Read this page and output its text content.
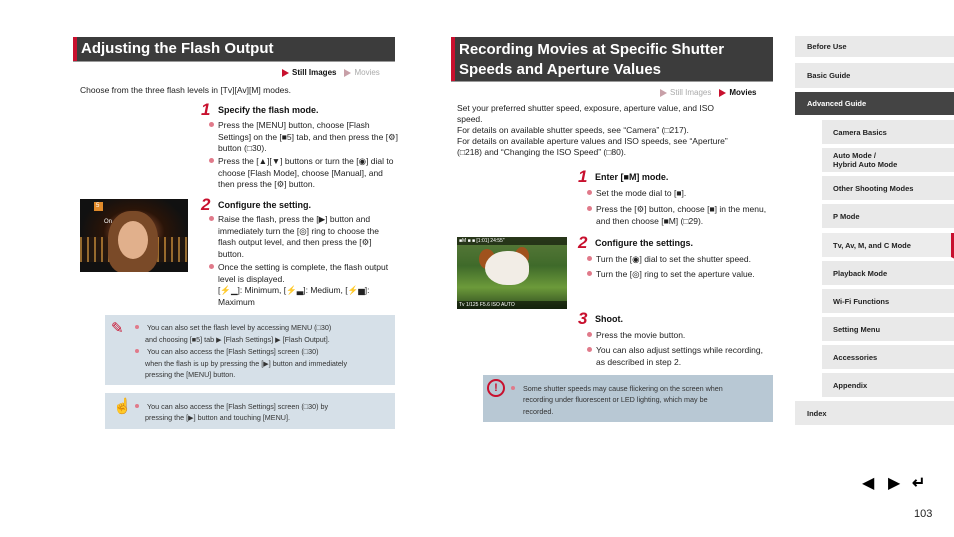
Adjusting the Flash Output
Still Images Movies
Choose from the three flash levels in [Tv][Av][M] modes.
1 Specify the flash mode.
Press the [MENU] button, choose [Flash Settings] on the [■5] tab, and then press the [⚙] button (□30).
Press the [▲][▼] buttons or turn the [◉] dial to choose [Flash Mode], choose [Manual], and then press the [⚙] button.
5
On
2 Configure the setting.
Raise the flash, press the [▶] button and immediately turn the [◎] ring to choose the flash output level, and then press the [⚙] button.
Once the setting is complete, the flash output level is displayed.
[⚡▁]: Minimum, [⚡▃]: Medium, [⚡▅]: Maximum
✎	You can also set the flash level by accessing MENU (□30)
and choosing [■5] tab ▶ [Flash Settings] ▶ [Flash Output].
You can also access the [Flash Settings] screen (□30)
when the flash is up by pressing the [▶] button and immediately
pressing the [MENU] button.
☝	You can also access the [Flash Settings] screen (□30) by
pressing the [▶] button and touching [MENU].
Recording Movies at Specific Shutter
Speeds and Aperture Values
Still Images Movies
Set your preferred shutter speed, exposure, aperture value, and ISO
speed.
For details on available shutter speeds, see “Camera” (□217).
For details on available aperture values and ISO speeds, see “Aperture”
(□218) and “Changing the ISO Speed” (□80).
1 Enter [■M] mode.
Set the mode dial to [■].
Press the [⚙] button, choose [■] in the menu, and then choose [■M] (□29).
■M ■ ■ [1:01] 24:55"
Tv 1/125 F5.6 ISO AUTO
2 Configure the settings.
Turn the [◉] dial to set the shutter speed.
Turn the [◎] ring to set the aperture value.
3 Shoot.
Press the movie button.
You can also adjust settings while recording, as described in step 2.
!	Some shutter speeds may cause flickering on the screen when
recording under fluorescent or LED lighting, which may be
recorded.
Before Use
Basic Guide
Advanced Guide
Camera Basics
Auto Mode /
Hybrid Auto Mode
Other Shooting Modes
P Mode
Tv, Av, M, and C Mode
Playback Mode
Wi-Fi Functions
Setting Menu
Accessories
Appendix
Index
◀ ▶ ↵
103
